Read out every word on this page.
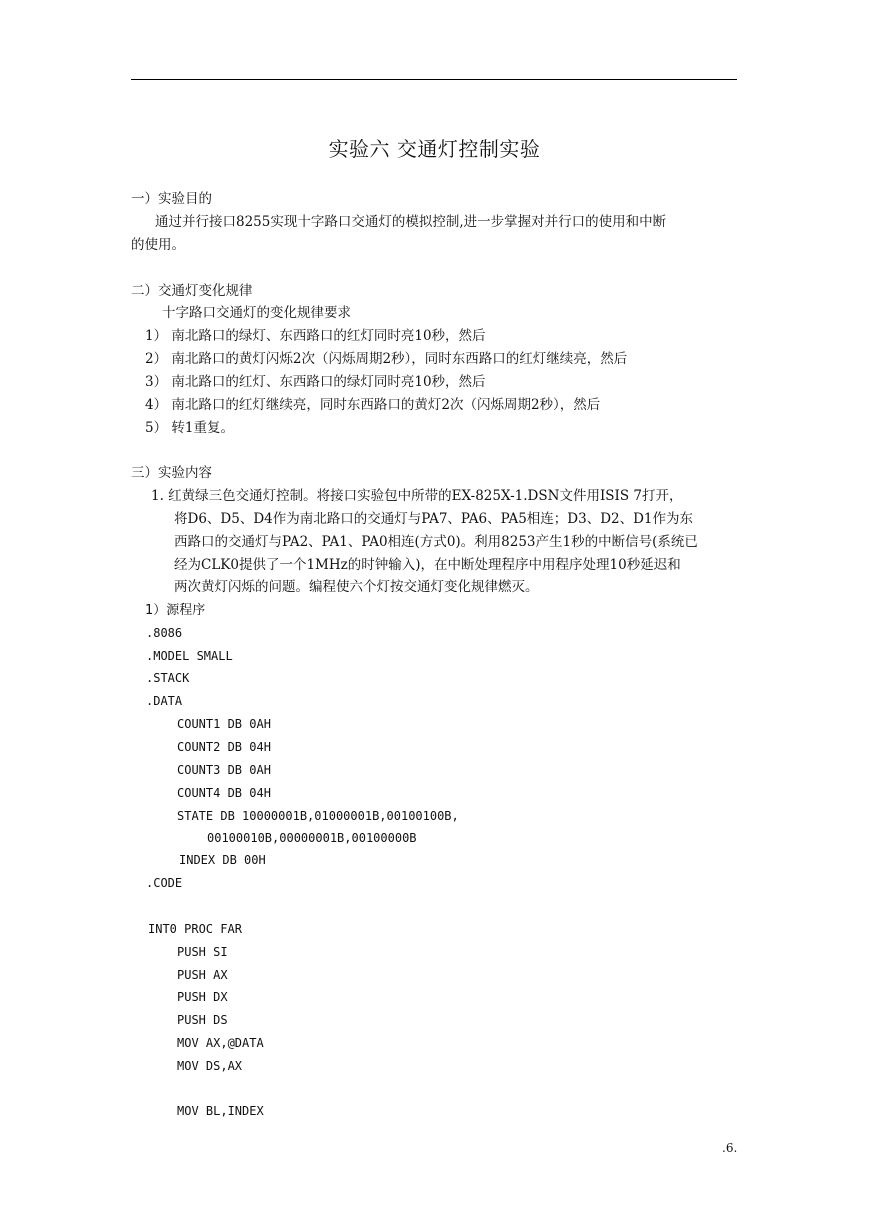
实验六 交通灯控制实验
一）实验目的
通过并行接口8255实现十字路口交通灯的模拟控制,进一步掌握对并行口的使用和中断
的使用。
二）交通灯变化规律
十字路口交通灯的变化规律要求
1） 南北路口的绿灯、东西路口的红灯同时亮10秒，然后
2） 南北路口的黄灯闪烁2次（闪烁周期2秒），同时东西路口的红灯继续亮，然后
3） 南北路口的红灯、东西路口的绿灯同时亮10秒，然后
4） 南北路口的红灯继续亮，同时东西路口的黄灯2次（闪烁周期2秒），然后
5） 转1重复。
三）实验内容
1. 红黄绿三色交通灯控制。将接口实验包中所带的EX-825X-1.DSN文件用ISIS 7打开，
将D6、D5、D4作为南北路口的交通灯与PA7、PA6、PA5相连；D3、D2、D1作为东
西路口的交通灯与PA2、PA1、PA0相连(方式0)。利用8253产生1秒的中断信号(系统已
经为CLK0提供了一个1MHz的时钟输入)，在中断处理程序中用程序处理10秒延迟和
两次黄灯闪烁的问题。编程使六个灯按交通灯变化规律燃灭。
1）源程序
.8086
.MODEL SMALL
.STACK
.DATA
COUNT1 DB 0AH
COUNT2 DB 04H
COUNT3 DB 0AH
COUNT4 DB 04H
STATE DB 10000001B,01000001B,00100100B,
00100010B,00000001B,00100000B
INDEX DB 00H
.CODE
INT0 PROC FAR
PUSH SI
PUSH AX
PUSH DX
PUSH DS
MOV AX,@DATA
MOV DS,AX
MOV BL,INDEX
.6.
